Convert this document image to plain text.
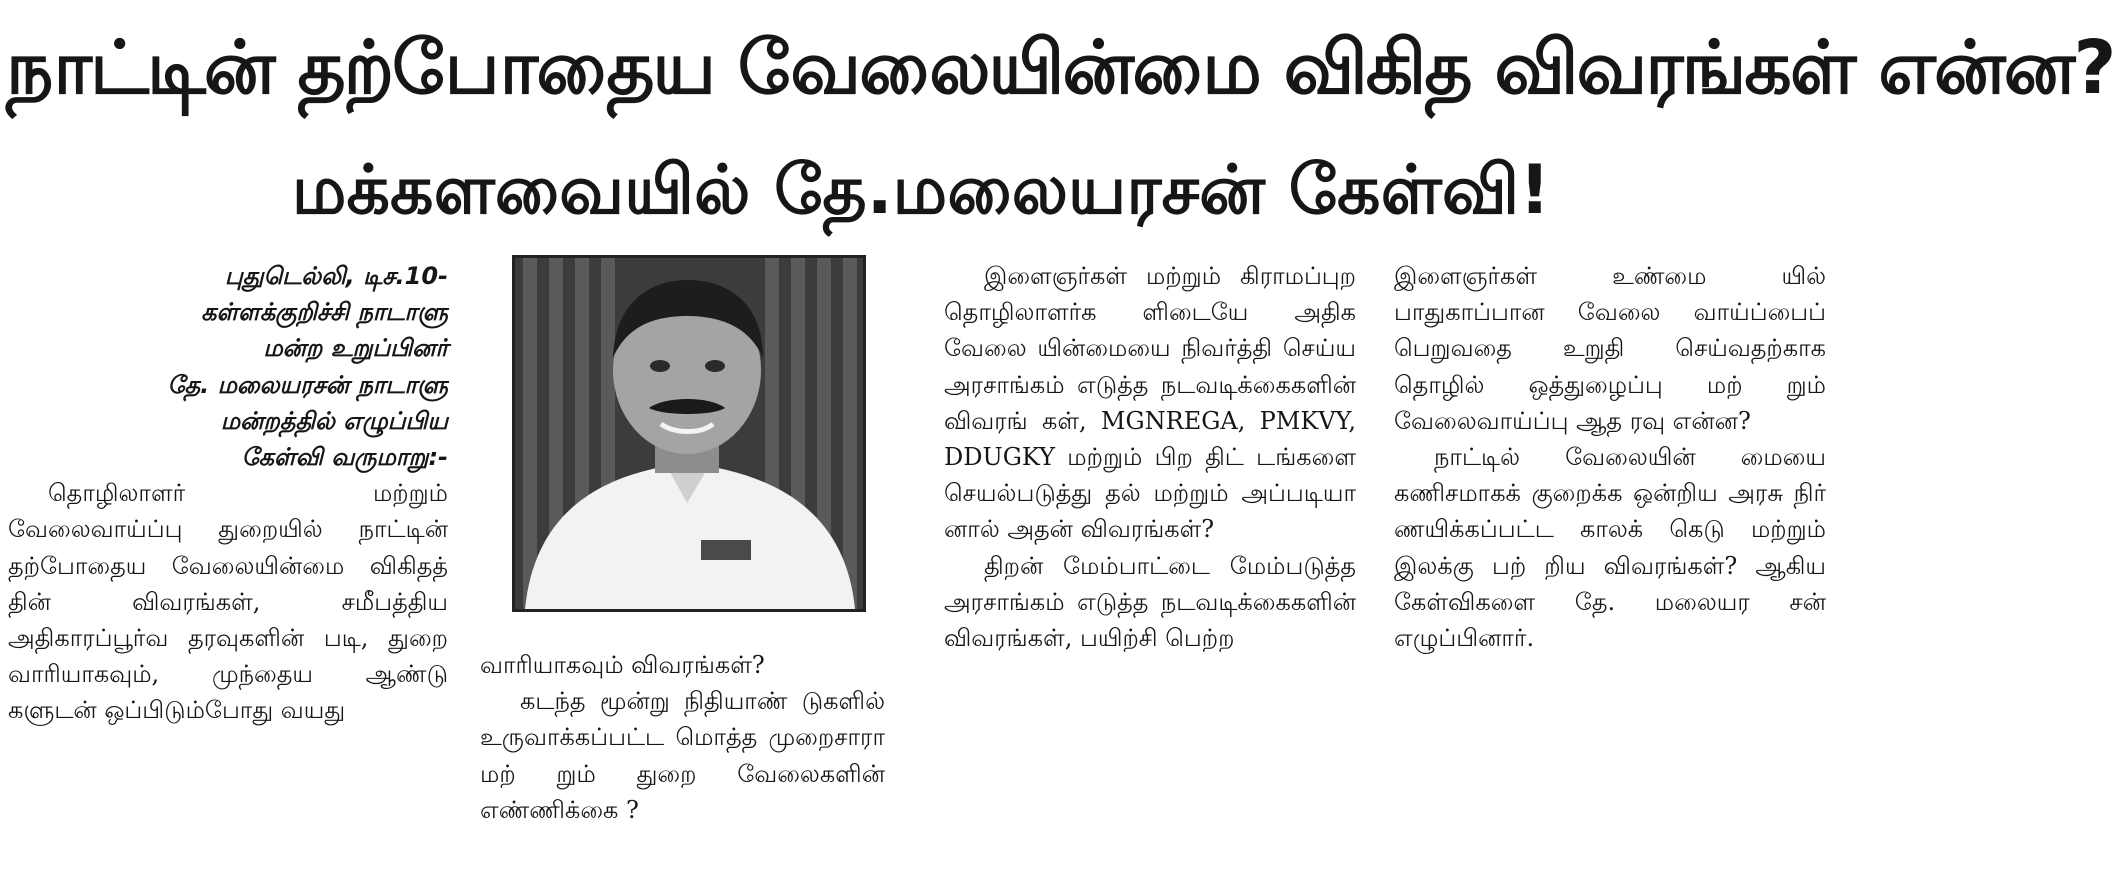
நாட்டின் தற்போதைய வேலையின்மை விகித விவரங்கள் என்ன?
மக்களவையில் தே.மலையரசன் கேள்வி!
புதுடெல்லி, டிச.10-
கள்ளக்குறிச்சி நாடாளு
மன்ற உறுப்பினர்
தே. மலையரசன் நாடாளு
மன்றத்தில் எழுப்பிய
கேள்வி வருமாறு:-

தொழிலாளர் மற்றும் வேலைவாய்ப்பு துறையில் நாட்டின் தற்போதைய வேலையின்மை விகிதத் தின் விவரங்கள், சமீபத்திய அதிகாரப்பூர்வ தரவுகளின் படி, துறை வாரியாகவும், முந்தைய ஆண்டு களுடன் ஒப்பிடும்போது வயது

வாரியாகவும் விவரங்கள்?

கடந்த மூன்று நிதியாண் டுகளில் உருவாக்கப்பட்ட மொத்த முறைசாரா மற் றும் துறை வேலைகளின் எண்ணிக்கை ?

இளைஞர்கள் மற்றும் கிராமப்புற தொழிலாளர்க ளிடையே அதிக வேலை யின்மையை நிவர்த்தி செய்ய அரசாங்கம் எடுத்த நடவடிக்கைகளின் விவரங் கள், MGNREGA, PMKVY, DDUGKY மற்றும் பிற திட் டங்களை செயல்படுத்து தல் மற்றும் அப்படியா னால் அதன் விவரங்கள்?

திறன் மேம்பாட்டை மேம்படுத்த அரசாங்கம் எடுத்த நடவடிக்கைகளின் விவரங்கள், பயிற்சி பெற்ற

இளைஞர்கள் உண்மை யில் பாதுகாப்பான வேலை வாய்ப்பைப் பெறுவதை உறுதி செய்வதற்காக தொழில் ஒத்துழைப்பு மற் றும் வேலைவாய்ப்பு ஆத ரவு என்ன?

நாட்டில் வேலையின் மையை கணிசமாகக் குறைக்க ஒன்றிய அரசு நிர் ணயிக்கப்பட்ட காலக் கெடு மற்றும் இலக்கு பற் றிய விவரங்கள்? ஆகிய கேள்விகளை தே. மலையர சன் எழுப்பினார்.
